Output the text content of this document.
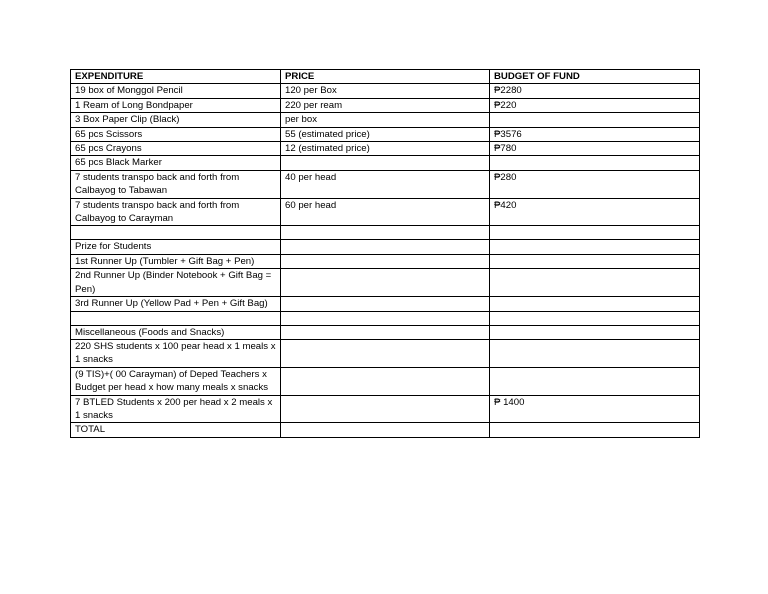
EXPENDITURE	PRICE	BUDGET OF FUND
19 box of Monggol Pencil	120 per Box	₱2280
1 Ream of Long Bondpaper	220 per ream	₱220
3 Box Paper Clip (Black)	per box	
65 pcs Scissors	55 (estimated price)	₱3576
65 pcs Crayons	12 (estimated price)	₱780
65 pcs Black Marker		
7 students transpo back and forth from Calbayog to Tabawan	40 per head	₱280
7 students transpo back and forth from Calbayog to Carayman	60 per head	₱420

Prize for Students		
1st Runner Up (Tumbler + Gift Bag + Pen)		
2nd Runner Up (Binder Notebook + Gift Bag = Pen)		
3rd Runner Up (Yellow Pad + Pen + Gift Bag)		

Miscellaneous (Foods and Snacks)		
220 SHS students x 100 pear head x 1 meals x 1 snacks		
(9 TIS)+( 00 Carayman) of Deped Teachers x Budget per head x how many meals x snacks		
7 BTLED Students x 200 per head x 2 meals x 1 snacks		₱ 1400
TOTAL		
